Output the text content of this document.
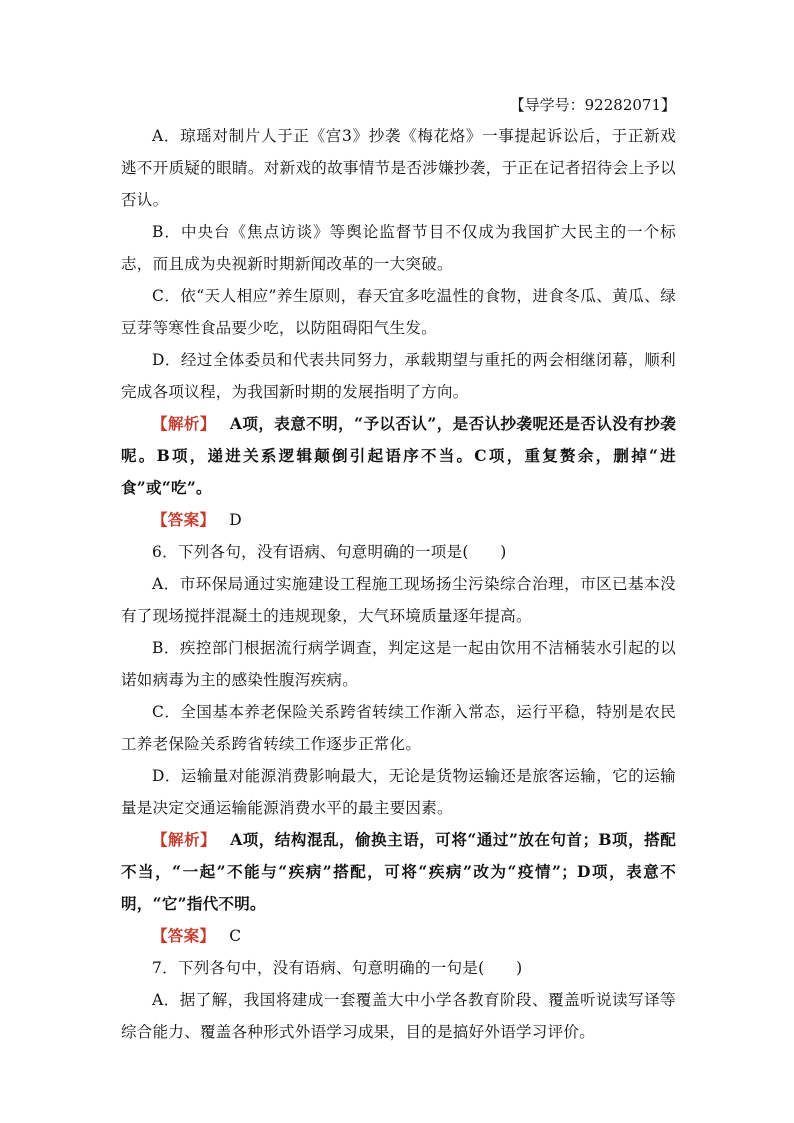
【导学号：92282071】

A．琼瑶对制片人于正《宫3》抄袭《梅花烙》一事提起诉讼后，于正新戏逃不开质疑的眼睛。对新戏的故事情节是否涉嫌抄袭，于正在记者招待会上予以否认。

B．中央台《焦点访谈》等舆论监督节目不仅成为我国扩大民主的一个标志，而且成为央视新时期新闻改革的一大突破。

C．依“天人相应”养生原则，春天宜多吃温性的食物，进食冬瓜、黄瓜、绿豆芽等寒性食品要少吃，以防阻碍阳气生发。

D．经过全体委员和代表共同努力，承载期望与重托的两会相继闭幕，顺利完成各项议程，为我国新时期的发展指明了方向。

【解析】 A项，表意不明，“予以否认”，是否认抄袭呢还是否认没有抄袭呢。B项，递进关系逻辑颠倒引起语序不当。C项，重复赘余，删掉“进食”或“吃”。

【答案】 D

6．下列各句，没有语病、句意明确的一项是(　　)

A．市环保局通过实施建设工程施工现场扬尘污染综合治理，市区已基本没有了现场搅拌混凝土的违规现象，大气环境质量逐年提高。

B．疾控部门根据流行病学调查，判定这是一起由饮用不洁桶装水引起的以诺如病毒为主的感染性腹泻疾病。

C．全国基本养老保险关系跨省转续工作渐入常态，运行平稳，特别是农民工养老保险关系跨省转续工作逐步正常化。

D．运输量对能源消费影响最大，无论是货物运输还是旅客运输，它的运输量是决定交通运输能源消费水平的最主要因素。

【解析】 A项，结构混乱，偷换主语，可将“通过”放在句首；B项，搭配不当，“一起”不能与“疾病”搭配，可将“疾病”改为“疫情”；D项，表意不明，“它”指代不明。

【答案】 C

7．下列各句中，没有语病、句意明确的一句是(　　)

A．据了解，我国将建成一套覆盖大中小学各教育阶段、覆盖听说读写译等综合能力、覆盖各种形式外语学习成果，目的是搞好外语学习评价。
